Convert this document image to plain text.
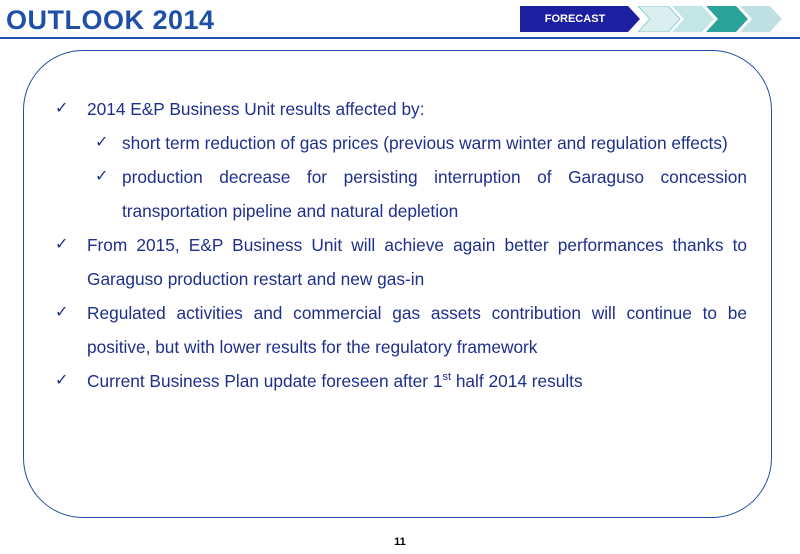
OUTLOOK 2014	FORECAST
✓ 2014 E&P Business Unit results affected by:
✓ short term reduction of gas prices (previous warm winter and regulation effects)
✓ production decrease for persisting interruption of Garaguso concession transportation pipeline and natural depletion
✓ From 2015, E&P Business Unit will achieve again better performances thanks to Garaguso production restart and new gas-in
✓ Regulated activities and commercial gas assets contribution will continue to be positive, but with lower results for the regulatory framework
✓ Current Business Plan update foreseen after 1st half 2014 results
11
